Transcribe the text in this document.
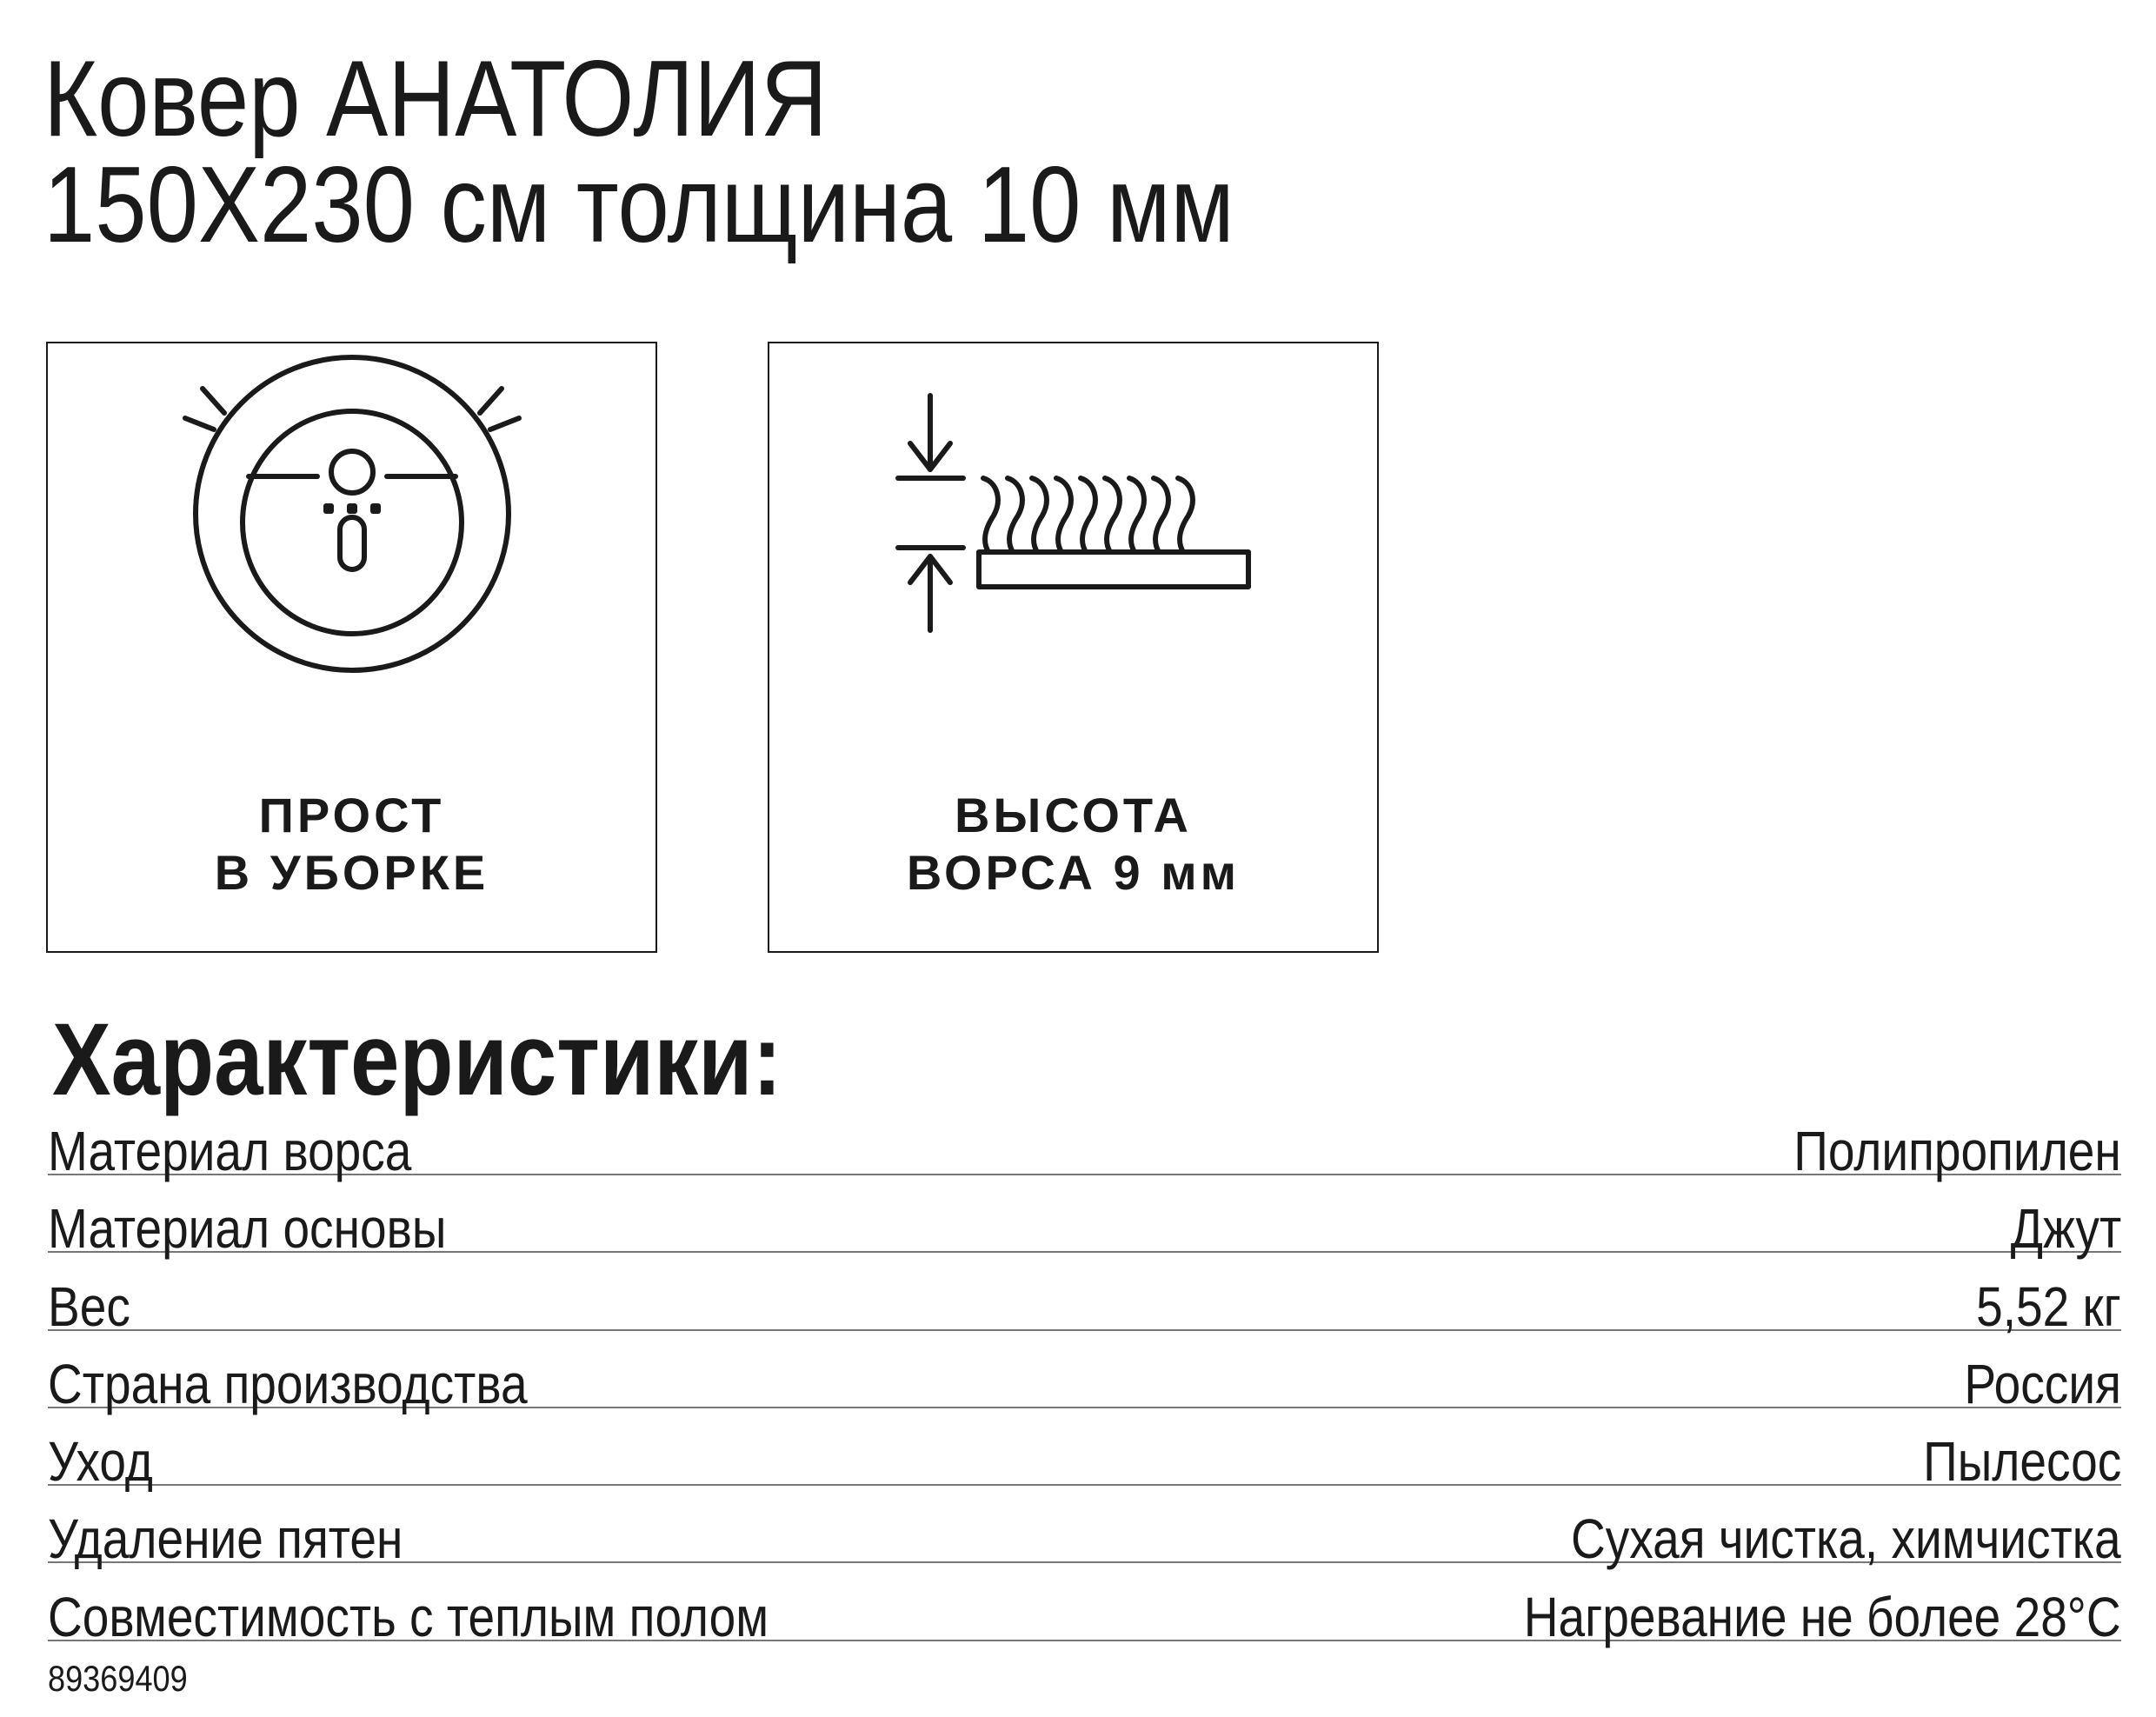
Ковер АНАТОЛИЯ
150X230 см толщина 10 мм
ПРОСТ
В УБОРКЕ
ВЫСОТА
ВОРСА 9 мм
Характеристики:
Материал ворса	Полипропилен
Материал основы	Джут
Вес	5,52 кг
Страна производства	Россия
Уход	Пылесос
Удаление пятен	Сухая чистка, химчистка
Совместимость с теплым полом	Нагревание не более 28°С
89369409
